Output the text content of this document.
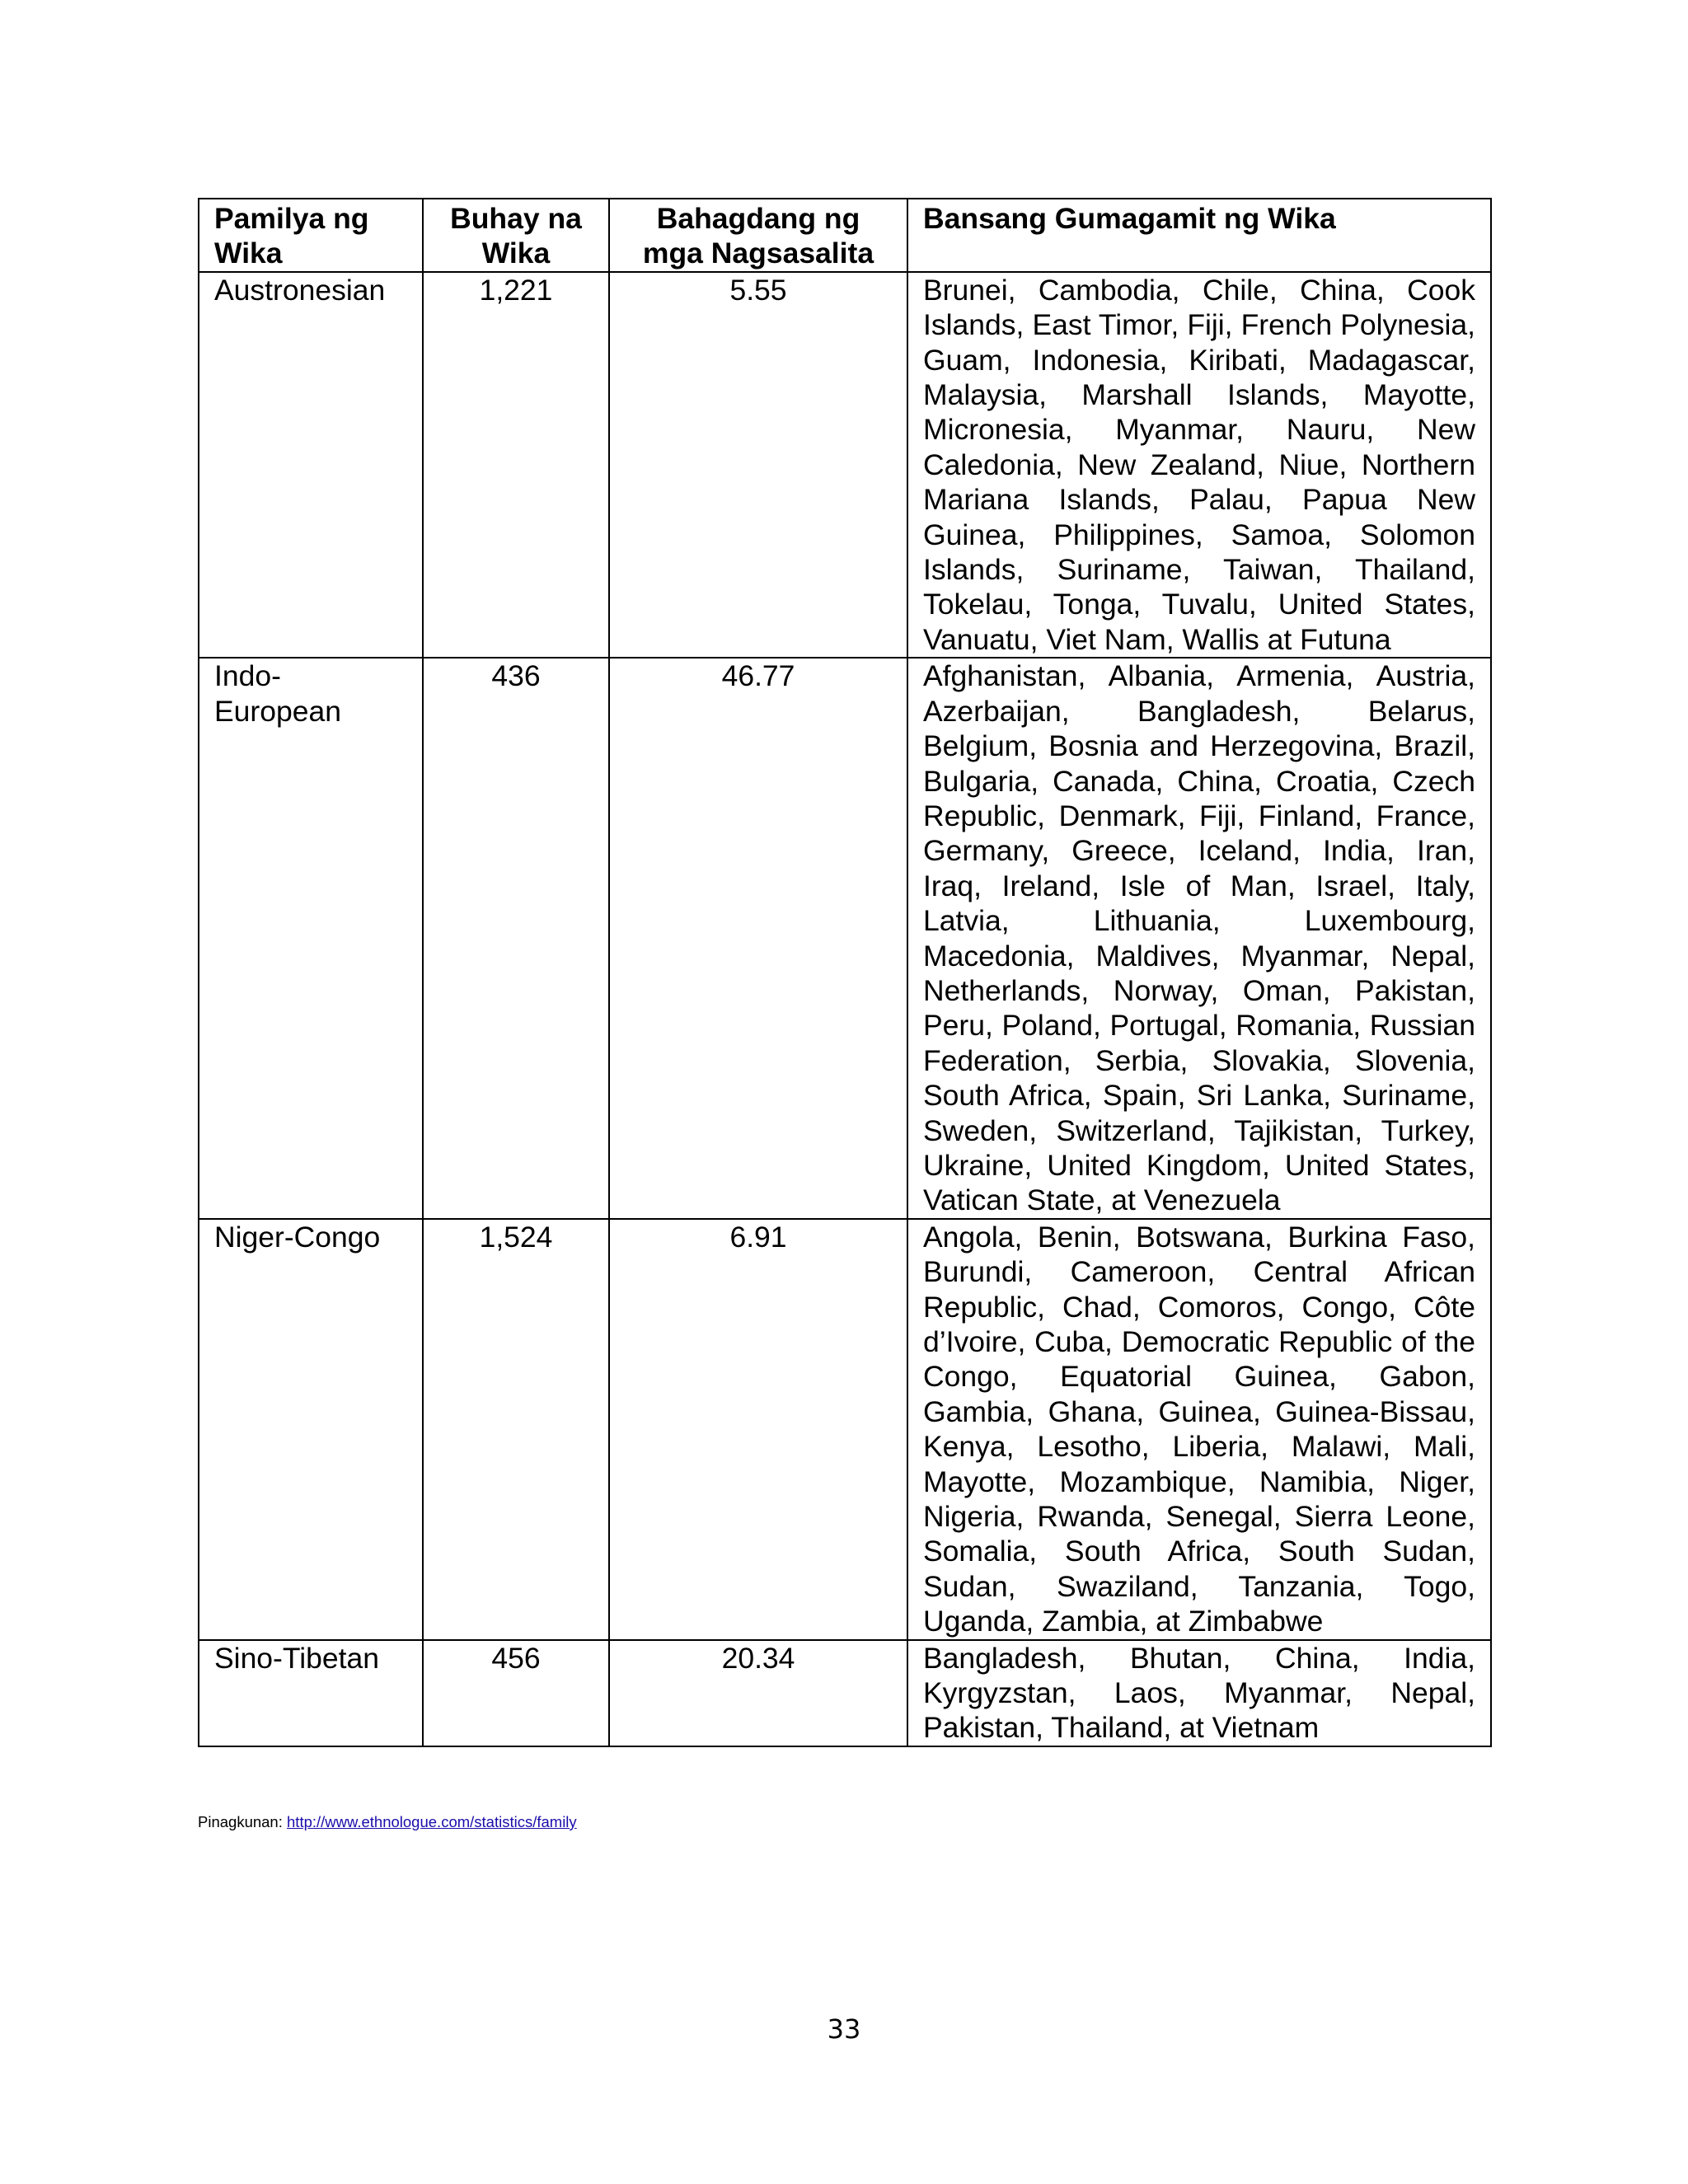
Pamilya ng Wika	Buhay na Wika	Bahagdang ng mga Nagsasalita	Bansang Gumagamit ng Wika
Austronesian	1,221	5.55	Brunei, Cambodia, Chile, China, Cook Islands, East Timor, Fiji, French Polynesia, Guam, Indonesia, Kiribati, Madagascar, Malaysia, Marshall Islands, Mayotte, Micronesia, Myanmar, Nauru, New Caledonia, New Zealand, Niue, Northern Mariana Islands, Palau, Papua New Guinea, Philippines, Samoa, Solomon Islands, Suriname, Taiwan, Thailand, Tokelau, Tonga, Tuvalu, United States, Vanuatu, Viet Nam, Wallis at Futuna

Indo-European	436	46.77	Afghanistan, Albania, Armenia, Austria, Azerbaijan, Bangladesh, Belarus, Belgium, Bosnia and Herzegovina, Brazil, Bulgaria, Canada, China, Croatia, Czech Republic, Denmark, Fiji, Finland, France, Germany, Greece, Iceland, India, Iran, Iraq, Ireland, Isle of Man, Israel, Italy, Latvia, Lithuania, Luxembourg, Macedonia, Maldives, Myanmar, Nepal, Netherlands, Norway, Oman, Pakistan, Peru, Poland, Portugal, Romania, Russian Federation, Serbia, Slovakia, Slovenia, South Africa, Spain, Sri Lanka, Suriname, Sweden, Switzerland, Tajikistan, Turkey, Ukraine, United Kingdom, United States, Vatican State, at Venezuela
Niger-Congo	1,524	6.91	Angola, Benin, Botswana, Burkina Faso, Burundi, Cameroon, Central African Republic, Chad, Comoros, Congo, Côte d’Ivoire, Cuba, Democratic Republic of the Congo, Equatorial Guinea, Gabon, Gambia, Ghana, Guinea, Guinea-Bissau, Kenya, Lesotho, Liberia, Malawi, Mali, Mayotte, Mozambique, Namibia, Niger, Nigeria, Rwanda, Senegal, Sierra Leone, Somalia, South Africa, South Sudan, Sudan, Swaziland, Tanzania, Togo, Uganda, Zambia, at Zimbabwe
Sino-Tibetan	456	20.34	Bangladesh, Bhutan, China, India, Kyrgyzstan, Laos, Myanmar, Nepal, Pakistan, Thailand, at Vietnam
Pinagkunan: http://www.ethnologue.com/statistics/family
33
